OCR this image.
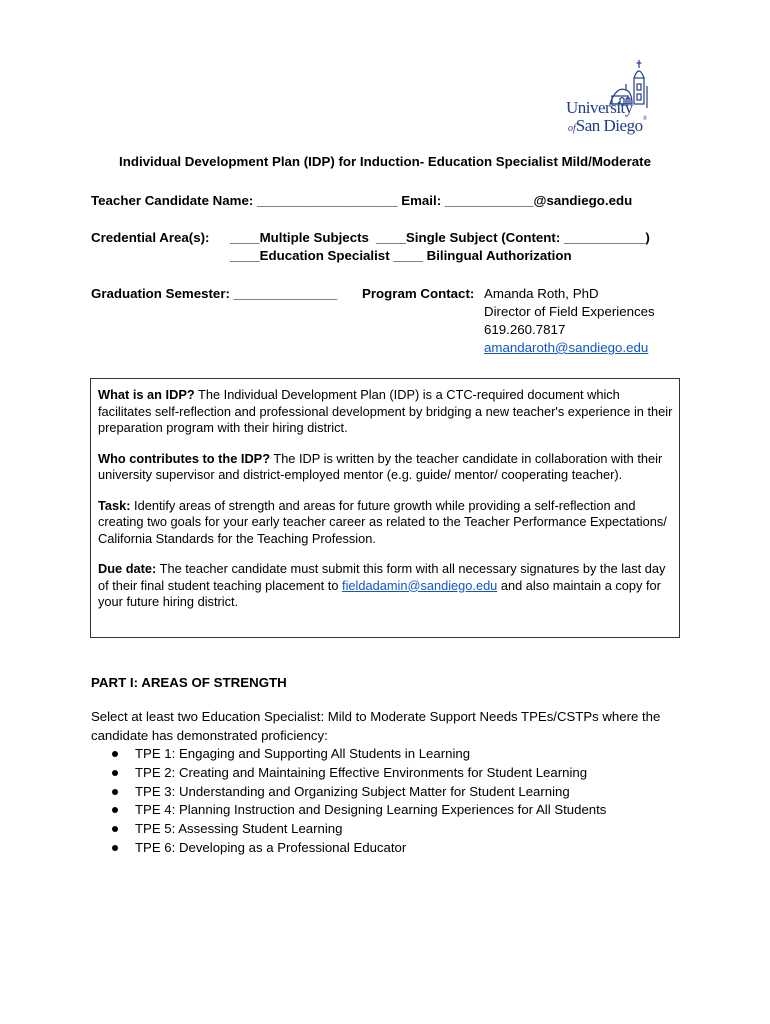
University
ofSan Diego®
Individual Development Plan (IDP) for Induction- Education Specialist Mild/Moderate
Teacher Candidate Name: ___________________ Email: ____________@sandiego.edu
Credential Area(s): ____Multiple Subjects  ____Single Subject (Content: ___________)
____Education Specialist ____ Bilingual Authorization
Graduation Semester: ______________ Program Contact: Amanda Roth, PhD
Director of Field Experiences
619.260.7817
amandaroth@sandiego.edu

What is an IDP? The Individual Development Plan (IDP) is a CTC-required document which facilitates self-reflection and professional development by bridging a new teacher's experience in their preparation program with their hiring district.

Who contributes to the IDP? The IDP is written by the teacher candidate in collaboration with their university supervisor and district-employed mentor (e.g. guide/ mentor/ cooperating teacher).

Task: Identify areas of strength and areas for future growth while providing a self-reflection and creating two goals for your early teacher career as related to the Teacher Performance Expectations/ California Standards for the Teaching Profession.

Due date: The teacher candidate must submit this form with all necessary signatures by the last day of their final student teaching placement to fieldadamin@sandiego.edu and also maintain a copy for your future hiring district.

PART I: AREAS OF STRENGTH
Select at least two Education Specialist: Mild to Moderate Support Needs TPEs/CSTPs where the candidate has demonstrated proficiency:
TPE 1: Engaging and Supporting All Students in Learning
TPE 2: Creating and Maintaining Effective Environments for Student Learning
TPE 3: Understanding and Organizing Subject Matter for Student Learning
TPE 4: Planning Instruction and Designing Learning Experiences for All Students
TPE 5: Assessing Student Learning
TPE 6: Developing as a Professional Educator
